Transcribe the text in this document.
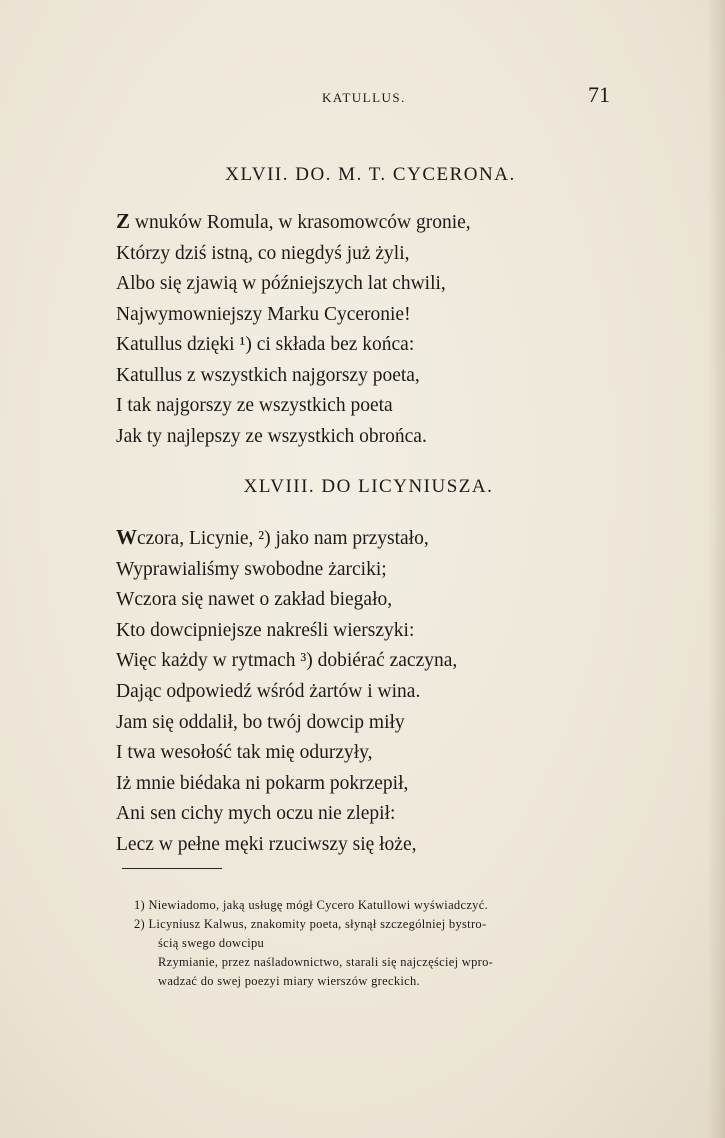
KATULLUS.	71
XLVII. DO. M. T. CYCERONA.
Z wnuków Romula, w krasomowców gronie,
Którzy dziś istną, co niegdyś już żyli,
Albo się zjawią w późniejszych lat chwili,
Najwymowniejszy Marku Cyceronie!
Katullus dzięki ¹) ci składa bez końca:
Katullus z wszystkich najgorszy poeta,
I tak najgorszy ze wszystkich poeta
Jak ty najlepszy ze wszystkich obrońca.
XLVIII. DO LICYNIUSZA.
Wczora, Licynie, ²) jako nam przystało,
Wyprawialiśmy swobodne żarciki;
Wczora się nawet o zakład biegało,
Kto dowcipniejsze nakreśli wierszyki:
Więc każdy w rytmach ³) dobiérać zaczyna,
Dając odpowiedź wśród żartów i wina.
Jam się oddalił, bo twój dowcip miły
I twa wesołość tak mię odurzyły,
Iż mnie biédaka ni pokarm pokrzepił,
Ani sen cichy mych oczu nie zlepił:
Lecz w pełne męki rzuciwszy się łoże,

1) Niewiadomo, jaką usługę mógł Cycero Katullowi wyświadczyć.

2) Licyniusz Kalwus, znakomity poeta, słynął szczególniej bystro-

ścią swego dowcipu

Rzymianie, przez naśladownictwo, starali się najczęściej wpro-

wadzać do swej poezyi miary wierszów greckich.
